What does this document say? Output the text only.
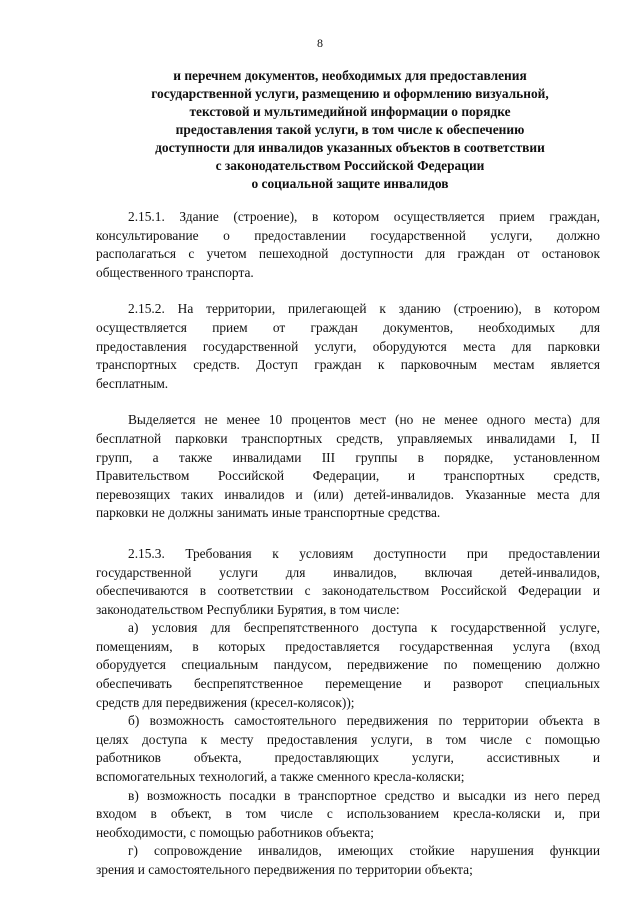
8
и перечнем документов, необходимых для предоставления
государственной услуги, размещению и оформлению визуальной,
текстовой и мультимедийной информации о порядке
предоставления такой услуги, в том числе к обеспечению
доступности для инвалидов указанных объектов в соответствии
с законодательством Российской Федерации
о социальной защите инвалидов
2.15.1. Здание (строение), в котором осуществляется прием граждан,
консультирование о предоставлении государственной услуги, должно
располагаться с учетом пешеходной доступности для граждан от остановок
общественного транспорта.
2.15.2. На территории, прилегающей к зданию (строению), в котором
осуществляется прием от граждан документов, необходимых для
предоставления государственной услуги, оборудуются места для парковки
транспортных средств. Доступ граждан к парковочным местам является
бесплатным.
Выделяется не менее 10 процентов мест (но не менее одного места) для
бесплатной парковки транспортных средств, управляемых инвалидами I, II
групп, а также инвалидами III группы в порядке, установленном
Правительством Российской Федерации, и транспортных средств,
перевозящих таких инвалидов и (или) детей-инвалидов. Указанные места для
парковки не должны занимать иные транспортные средства.
2.15.3. Требования к условиям доступности при предоставлении
государственной услуги для инвалидов, включая детей-инвалидов,
обеспечиваются в соответствии с законодательством Российской Федерации и
законодательством Республики Бурятия, в том числе:
а) условия для беспрепятственного доступа к государственной услуге,
помещениям, в которых предоставляется государственная услуга (вход
оборудуется специальным пандусом, передвижение по помещению должно
обеспечивать беспрепятственное перемещение и разворот специальных
средств для передвижения (кресел-колясок));
б) возможность самостоятельного передвижения по территории объекта в
целях доступа к месту предоставления услуги, в том числе с помощью
работников объекта, предоставляющих услуги, ассистивных и
вспомогательных технологий, а также сменного кресла-коляски;
в) возможность посадки в транспортное средство и высадки из него перед
входом в объект, в том числе с использованием кресла-коляски и, при
необходимости, с помощью работников объекта;
г) сопровождение инвалидов, имеющих стойкие нарушения функции
зрения и самостоятельного передвижения по территории объекта;
